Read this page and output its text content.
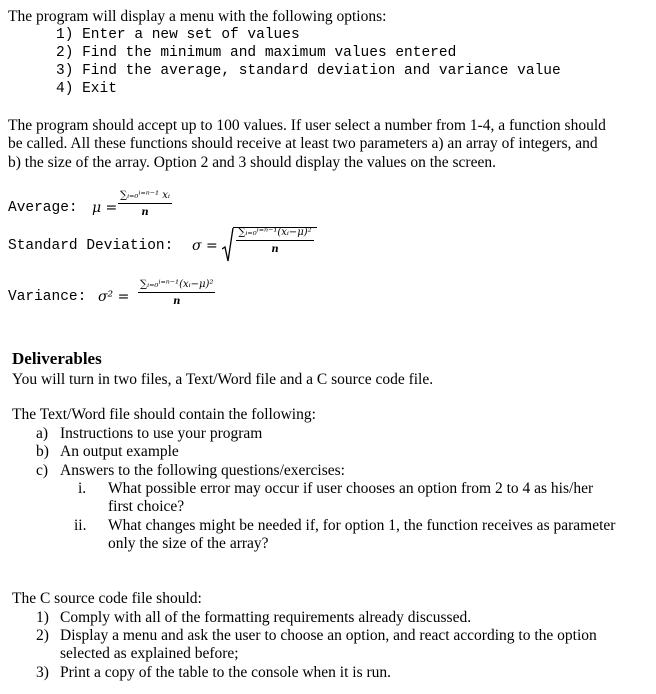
The program will display a menu with the following options:
1) Enter a new set of values
2) Find the minimum and maximum values entered
3) Find the average, standard deviation and variance value
4) Exit
The program should accept up to 100 values. If user select a number from 1-4, a function should
be called. All these functions should receive at least two parameters a) an array of integers, and
b) the size of the array. Option 2 and 3 should display the values on the screen.
Average: $\mu = \frac{\text{∑ᵢ₌₀ⁱ⁼ⁿ⁻¹ xᵢ}}{n}$
Standard Deviation: $\sigma = \frac{\text{∑ᵢ₌₀ⁱ⁼ⁿ⁻¹(xᵢ−μ)²}}{n}$
Variance: $\sigma^2 = \frac{\text{∑ᵢ₌₀ⁱ⁼ⁿ⁻¹(xᵢ−μ)²}}{n}$
Deliverables
You will turn in two files, a Text/Word file and a C source code file.
The Text/Word file should contain the following:
a) Instructions to use your program
b) An output example
c) Answers to the following questions/exercises:
i. What possible error may occur if user chooses an option from 2 to 4 as his/her
first choice?
ii. What changes might be needed if, for option 1, the function receives as parameter
only the size of the array?
The C source code file should:
1) Comply with all of the formatting requirements already discussed.
2) Display a menu and ask the user to choose an option, and react according to the option
selected as explained before;
3) Print a copy of the table to the console when it is run.
